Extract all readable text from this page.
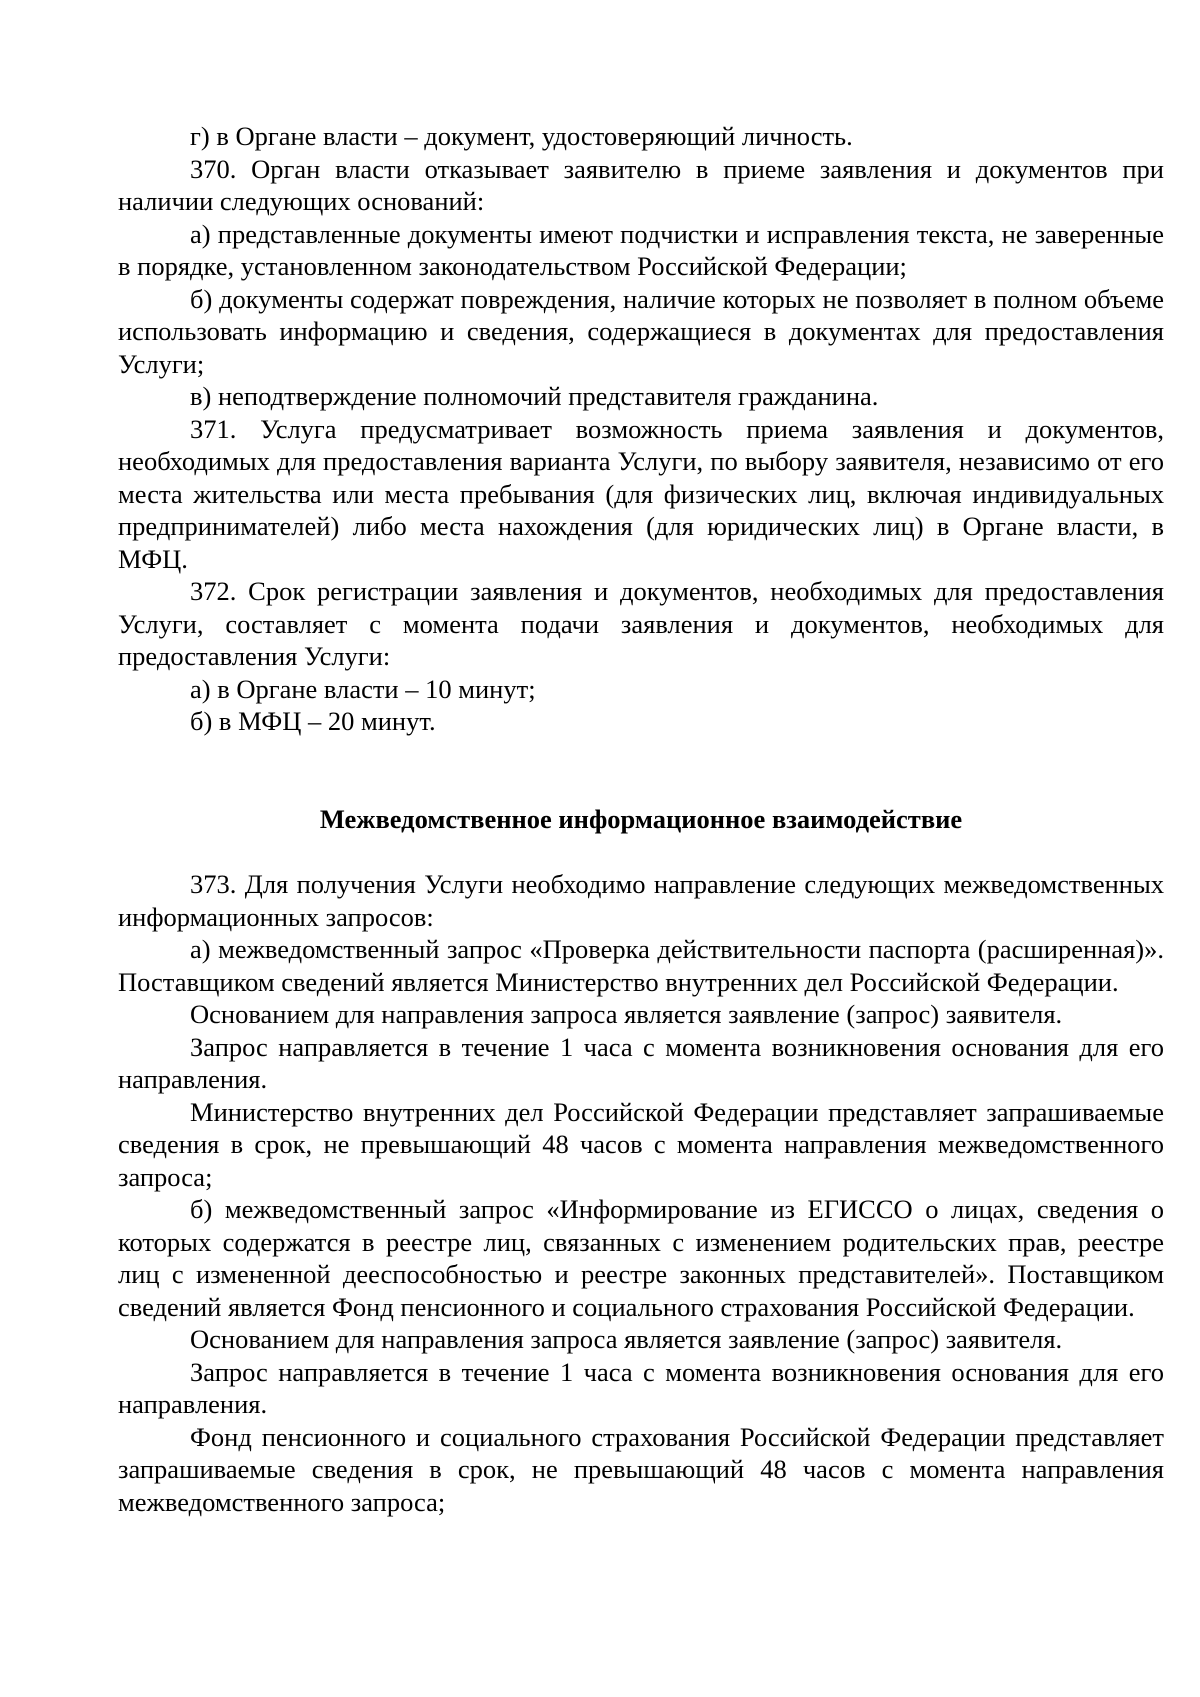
г) в Органе власти – документ, удостоверяющий личность.

370. Орган власти отказывает заявителю в приеме заявления и документов при наличии следующих оснований:

а) представленные документы имеют подчистки и исправления текста, не заверенные в порядке, установленном законодательством Российской Федерации;

б) документы содержат повреждения, наличие которых не позволяет в полном объеме использовать информацию и сведения, содержащиеся в документах для предоставления Услуги;

в) неподтверждение полномочий представителя гражданина.

371. Услуга предусматривает возможность приема заявления и документов, необходимых для предоставления варианта Услуги, по выбору заявителя, независимо от его места жительства или места пребывания (для физических лиц, включая индивидуальных предпринимателей) либо места нахождения (для юридических лиц) в Органе власти, в МФЦ.

372. Срок регистрации заявления и документов, необходимых для предоставления Услуги, составляет с момента подачи заявления и документов, необходимых для предоставления Услуги:

а) в Органе власти – 10 минут;

б) в МФЦ – 20 минут.

Межведомственное информационное взаимодействие

373. Для получения Услуги необходимо направление следующих межведомственных информационных запросов:

а) межведомственный запрос «Проверка действительности паспорта (расширенная)». Поставщиком сведений является Министерство внутренних дел Российской Федерации.

Основанием для направления запроса является заявление (запрос) заявителя.

Запрос направляется в течение 1 часа с момента возникновения основания для его направления.

Министерство внутренних дел Российской Федерации представляет запрашиваемые сведения в срок, не превышающий 48 часов с момента направления межведомственного запроса;

б) межведомственный запрос «Информирование из ЕГИССО о лицах, сведения о которых содержатся в реестре лиц, связанных с изменением родительских прав, реестре лиц с измененной дееспособностью и реестре законных представителей». Поставщиком сведений является Фонд пенсионного и социального страхования Российской Федерации.

Основанием для направления запроса является заявление (запрос) заявителя.

Запрос направляется в течение 1 часа с момента возникновения основания для его направления.

Фонд пенсионного и социального страхования Российской Федерации представляет запрашиваемые сведения в срок, не превышающий 48 часов с момента направления межведомственного запроса;
